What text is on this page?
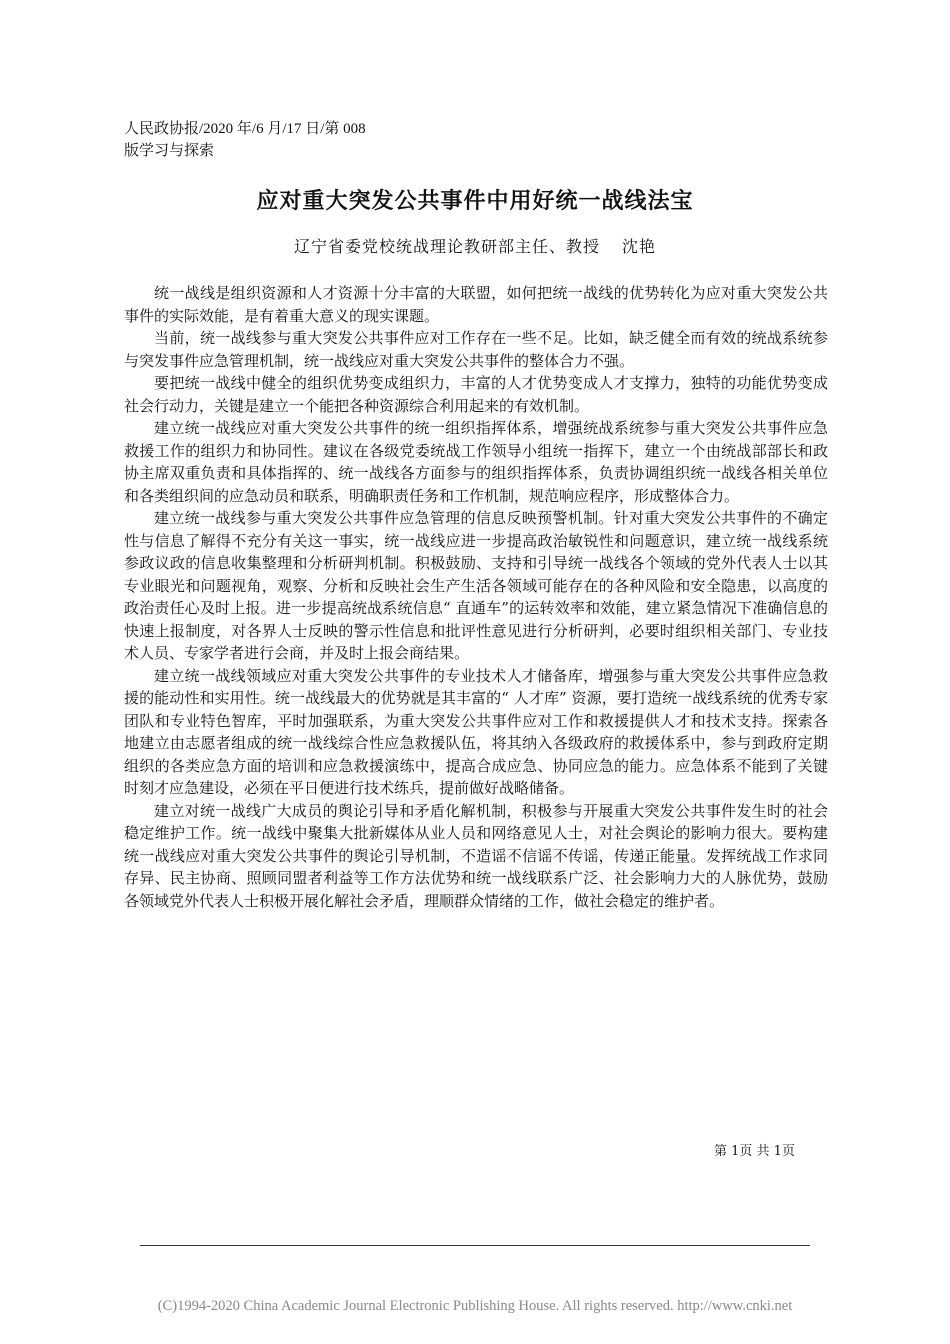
人民政协报/2020 年/6 月/17 日/第 008
版学习与探索
应对重大突发公共事件中用好统一战线法宝
辽宁省委党校统战理论教研部主任、教授 沈艳

统一战线是组织资源和人才资源十分丰富的大联盟，如何把统一战线的优势转化为应对重大突发公共事件的实际效能，是有着重大意义的现实课题。

当前，统一战线参与重大突发公共事件应对工作存在一些不足。比如，缺乏健全而有效的统战系统参与突发事件应急管理机制，统一战线应对重大突发公共事件的整体合力不强。

要把统一战线中健全的组织优势变成组织力，丰富的人才优势变成人才支撑力，独特的功能优势变成社会行动力，关键是建立一个能把各种资源综合利用起来的有效机制。

建立统一战线应对重大突发公共事件的统一组织指挥体系，增强统战系统参与重大突发公共事件应急救援工作的组织力和协同性。建议在各级党委统战工作领导小组统一指挥下，建立一个由统战部部长和政协主席双重负责和具体指挥的、统一战线各方面参与的组织指挥体系，负责协调组织统一战线各相关单位和各类组织间的应急动员和联系，明确职责任务和工作机制，规范响应程序，形成整体合力。

建立统一战线参与重大突发公共事件应急管理的信息反映预警机制。针对重大突发公共事件的不确定性与信息了解得不充分有关这一事实，统一战线应进一步提高政治敏锐性和问题意识，建立统一战线系统参政议政的信息收集整理和分析研判机制。积极鼓励、支持和引导统一战线各个领域的党外代表人士以其专业眼光和问题视角，观察、分析和反映社会生产生活各领域可能存在的各种风险和安全隐患，以高度的政治责任心及时上报。进一步提高统战系统信息“ 直通车”的运转效率和效能，建立紧急情况下准确信息的快速上报制度，对各界人士反映的警示性信息和批评性意见进行分析研判，必要时组织相关部门、专业技术人员、专家学者进行会商，并及时上报会商结果。

建立统一战线领域应对重大突发公共事件的专业技术人才储备库，增强参与重大突发公共事件应急救援的能动性和实用性。统一战线最大的优势就是其丰富的“ 人才库” 资源，要打造统一战线系统的优秀专家团队和专业特色智库，平时加强联系，为重大突发公共事件应对工作和救援提供人才和技术支持。探索各地建立由志愿者组成的统一战线综合性应急救援队伍，将其纳入各级政府的救援体系中，参与到政府定期组织的各类应急方面的培训和应急救援演练中，提高合成应急、协同应急的能力。应急体系不能到了关键时刻才应急建设，必须在平日便进行技术练兵，提前做好战略储备。

建立对统一战线广大成员的舆论引导和矛盾化解机制，积极参与开展重大突发公共事件发生时的社会稳定维护工作。统一战线中聚集大批新媒体从业人员和网络意见人士，对社会舆论的影响力很大。要构建统一战线应对重大突发公共事件的舆论引导机制，不造谣不信谣不传谣，传递正能量。发挥统战工作求同存异、民主协商、照顾同盟者利益等工作方法优势和统一战线联系广泛、社会影响力大的人脉优势，鼓励各领域党外代表人士积极开展化解社会矛盾，理顺群众情绪的工作，做社会稳定的维护者。

第 1页 共 1页
(C)1994-2020 China Academic Journal Electronic Publishing House. All rights reserved. http://www.cnki.net
